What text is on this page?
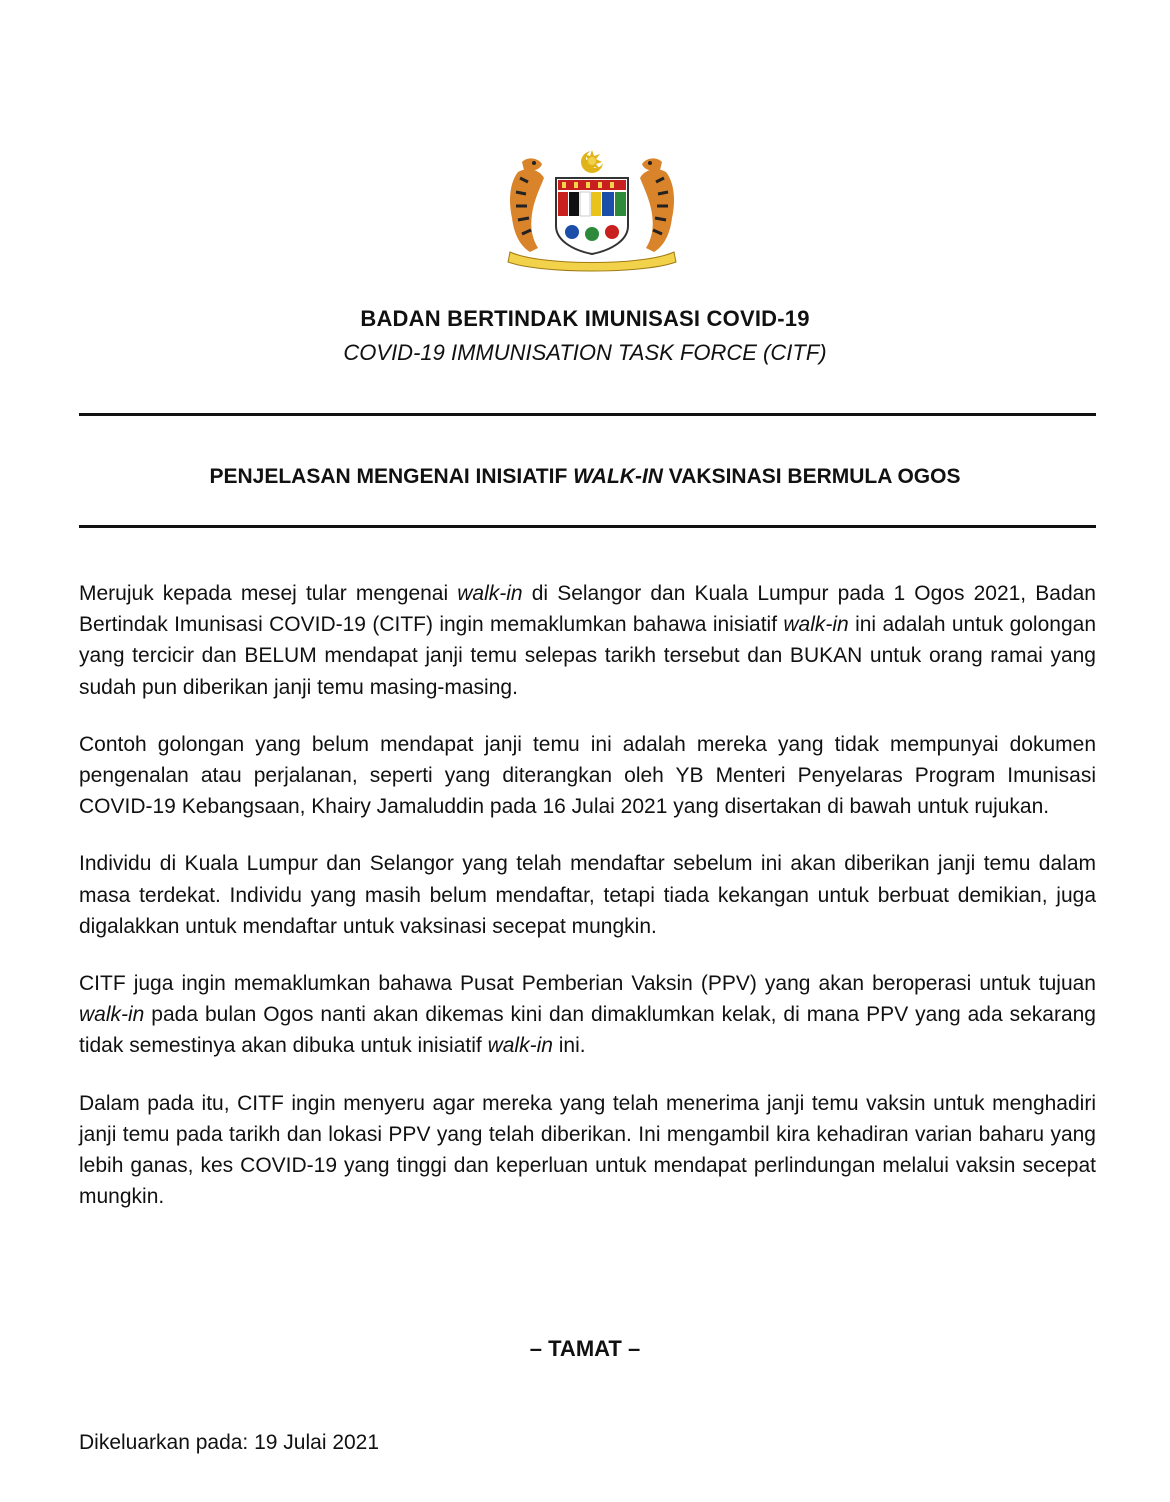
BADAN BERTINDAK IMUNISASI COVID-19
COVID-19 IMMUNISATION TASK FORCE (CITF)
PENJELASAN MENGENAI INISIATIF WALK-IN VAKSINASI BERMULA OGOS

Merujuk kepada mesej tular mengenai walk-in di Selangor dan Kuala Lumpur pada 1 Ogos 2021, Badan Bertindak Imunisasi COVID-19 (CITF) ingin memaklumkan bahawa inisiatif walk-in ini adalah untuk golongan yang tercicir dan BELUM mendapat janji temu selepas tarikh tersebut dan BUKAN untuk orang ramai yang sudah pun diberikan janji temu masing-masing.

Contoh golongan yang belum mendapat janji temu ini adalah mereka yang tidak mempunyai dokumen pengenalan atau perjalanan, seperti yang diterangkan oleh YB Menteri Penyelaras Program Imunisasi COVID-19 Kebangsaan, Khairy Jamaluddin pada 16 Julai 2021 yang disertakan di bawah untuk rujukan.

Individu di Kuala Lumpur dan Selangor yang telah mendaftar sebelum ini akan diberikan janji temu dalam masa terdekat. Individu yang masih belum mendaftar, tetapi tiada kekangan untuk berbuat demikian, juga digalakkan untuk mendaftar untuk vaksinasi secepat mungkin.

CITF juga ingin memaklumkan bahawa Pusat Pemberian Vaksin (PPV) yang akan beroperasi untuk tujuan walk-in pada bulan Ogos nanti akan dikemas kini dan dimaklumkan kelak, di mana PPV yang ada sekarang tidak semestinya akan dibuka untuk inisiatif walk-in ini.

Dalam pada itu, CITF ingin menyeru agar mereka yang telah menerima janji temu vaksin untuk menghadiri janji temu pada tarikh dan lokasi PPV yang telah diberikan. Ini mengambil kira kehadiran varian baharu yang lebih ganas, kes COVID-19 yang tinggi dan keperluan untuk mendapat perlindungan melalui vaksin secepat mungkin.

– TAMAT –
Dikeluarkan pada: 19 Julai 2021
